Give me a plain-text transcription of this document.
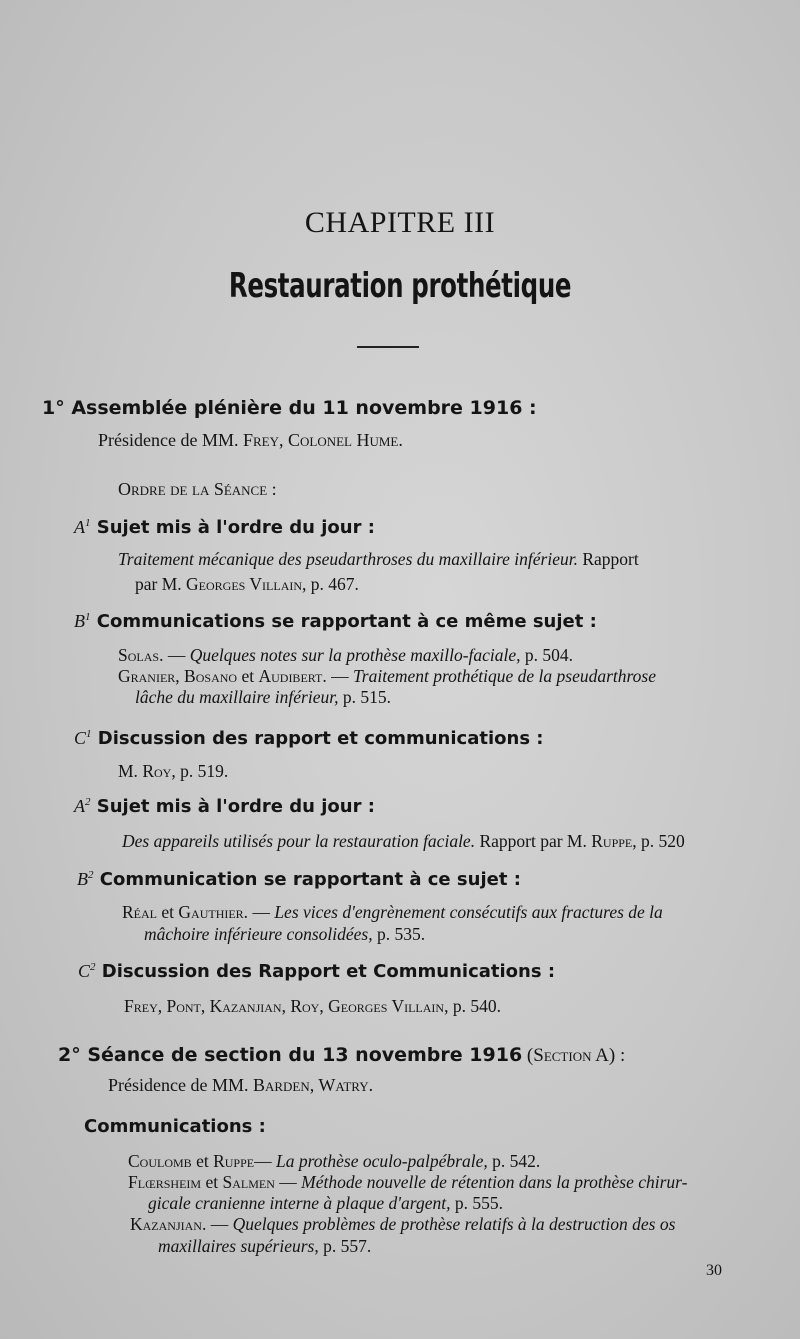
CHAPITRE III
Restauration prothétique
1° Assemblée plénière du 11 novembre 1916 :
Présidence de MM. Frey, Colonel Hume.
Ordre de la Séance :
$A^1$ Sujet mis à l'ordre du jour :
Traitement mécanique des pseudarthroses du maxillaire inférieur. Rapport
par M. Georges Villain, p. 467.
$B^1$ Communications se rapportant à ce même sujet :
Solas. — Quelques notes sur la prothèse maxillo-faciale, p. 504.
Granier, Bosano et Audibert. — Traitement prothétique de la pseudarthrose
lâche du maxillaire inférieur, p. 515.
$C^1$ Discussion des rapport et communications :
M. Roy, p. 519.
$A^2$ Sujet mis à l'ordre du jour :
Des appareils utilisés pour la restauration faciale. Rapport par M. Ruppe, p. 520
$B^2$ Communication se rapportant à ce sujet :
Réal et Gauthier. — Les vices d'engrènement consécutifs aux fractures de la
mâchoire inférieure consolidées, p. 535.
$C^2$ Discussion des Rapport et Communications :
Frey, Pont, Kazanjian, Roy, Georges Villain, p. 540.
2° Séance de section du 13 novembre 1916 (Section A) :
Présidence de MM. Barden, Watry.
Communications :
Coulomb et Ruppe— La prothèse oculo-palpébrale, p. 542.
Flœrsheim et Salmen — Méthode nouvelle de rétention dans la prothèse chirur-
gicale cranienne interne à plaque d'argent, p. 555.
Kazanjian. — Quelques problèmes de prothèse relatifs à la destruction des os
maxillaires supérieurs, p. 557.
30
